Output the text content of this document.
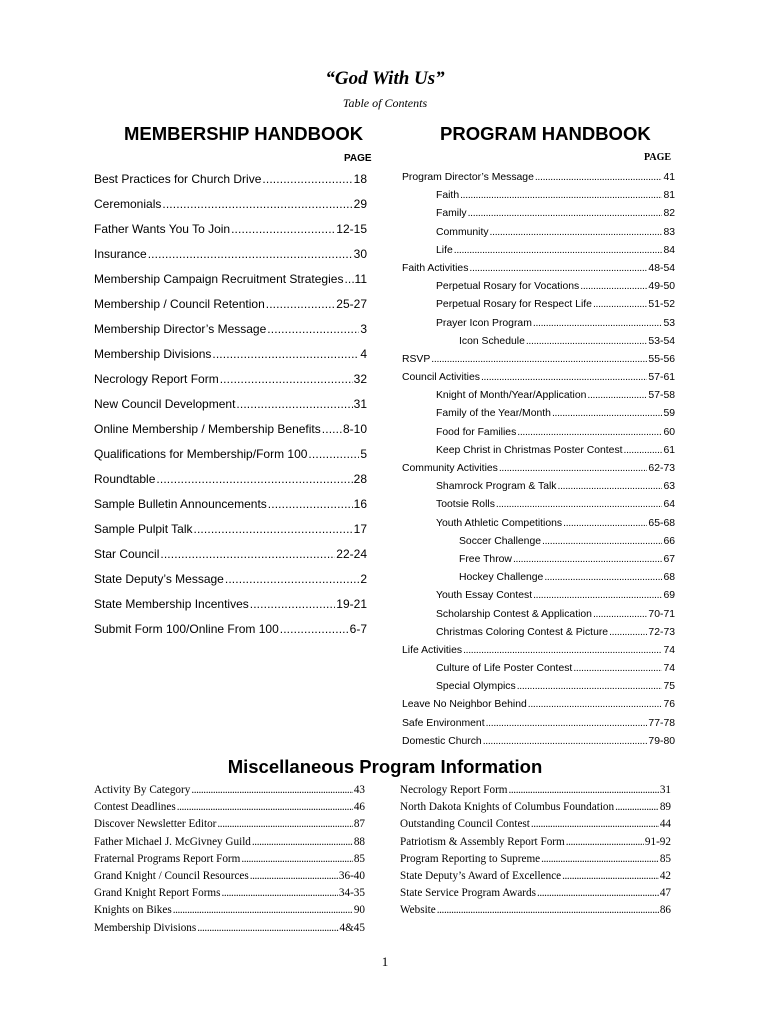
“God With Us”
Table of Contents
MEMBERSHIP HANDBOOK
PAGE
Best Practices for Church Drive . . .	18
Ceremonials . . .	29
Father Wants You To Join . . .	12-15
Insurance . . .	30
Membership Campaign Recruitment Strategies . . . 11
Membership / Council Retention . . .	25-27
Membership Director’s Message . . .	3
Membership Divisions . . .	4
Necrology Report Form . . .	32
New Council Development . . .	31
Online Membership / Membership Benefits . . . 8-10
Qualifications for Membership/Form 100 . . .	5
Roundtable . . .	28
Sample Bulletin Announcements . . .	16
Sample Pulpit Talk . . .	17
Star Council . . .	22-24
State Deputy’s Message . . .	2
State Membership Incentives . . .	19-21
Submit Form 100/Online From 100 . . .	6-7
PROGRAM HANDBOOK
PAGE
Program Director’s Message . . .	41
Faith . . .	81
Family . . .	82
Community . . .	83
Life . . .	84
Faith Activities . . .	48-54
Perpetual Rosary for Vocations . . .	49-50
Perpetual Rosary for Respect Life . . .	51-52
Prayer Icon Program . . .	53
Icon Schedule . . .	53-54
RSVP . . .	55-56
Council Activities . . .	57-61
Knight of Month/Year/Application . . .	57-58
Family of the Year/Month . . .	59
Food for Families . . .	60
Keep Christ in Christmas Poster Contest . . .	61
Community Activities . . .	62-73
Shamrock Program & Talk . . .	63
Tootsie Rolls . . .	64
Youth Athletic Competitions . . .	65-68
Soccer Challenge . . .	66
Free Throw . . .	67
Hockey Challenge . . .	68
Youth Essay Contest . . .	69
Scholarship Contest & Application . . .	70-71
Christmas Coloring Contest & Picture . . .	72-73
Life Activities . . .	74
Culture of Life Poster Contest . . .	74
Special Olympics . . .	75
Leave No Neighbor Behind . . .	76
Safe Environment . . .	77-78
Domestic Church . . .	79-80
Miscellaneous Program Information
Activity By Category . . .	43
Contest Deadlines . . .	46
Discover Newsletter Editor . . .	87
Father Michael J. McGivney Guild . . .	88
Fraternal Programs Report Form . . .	85
Grand Knight / Council Resources . . .	36-40
Grand Knight Report Forms . . .	34-35
Knights on Bikes . . .	90
Membership Divisions . . .	4&45
Necrology Report Form . . .	31
North Dakota Knights of Columbus Foundation . . .	89
Outstanding Council Contest . . .	44
Patriotism & Assembly Report Form . . .	91-92
Program Reporting to Supreme . . .	85
State Deputy’s Award of Excellence . . .	42
State Service Program Awards . . .	47
Website . . .	86
1
